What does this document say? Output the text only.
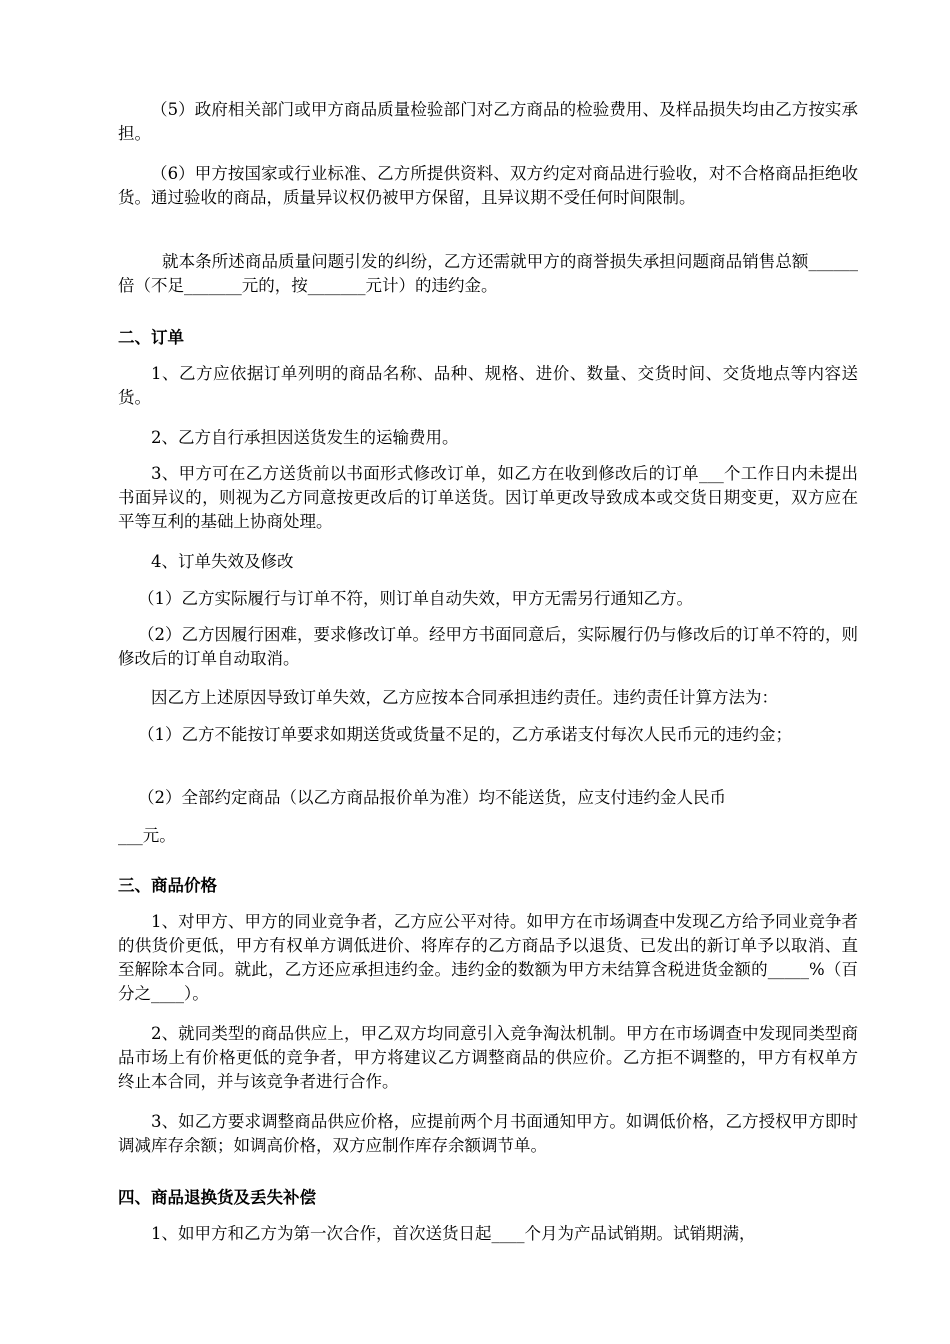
（5）政府相关部门或甲方商品质量检验部门对乙方商品的检验费用、及样品损失均由乙方按实承担。

（6）甲方按国家或行业标准、乙方所提供资料、双方约定对商品进行验收，对不合格商品拒绝收货。通过验收的商品，质量异议权仍被甲方保留，且异议期不受任何时间限制。

就本条所述商品质量问题引发的纠纷，乙方还需就甲方的商誉损失承担问题商品销售总额______倍（不足_______元的，按_______元计）的违约金。

二、订单

1、乙方应依据订单列明的商品名称、品种、规格、进价、数量、交货时间、交货地点等内容送货。

2、乙方自行承担因送货发生的运输费用。

3、甲方可在乙方送货前以书面形式修改订单，如乙方在收到修改后的订单___个工作日内未提出书面异议的，则视为乙方同意按更改后的订单送货。因订单更改导致成本或交货日期变更，双方应在平等互利的基础上协商处理。

4、订单失效及修改

（1）乙方实际履行与订单不符，则订单自动失效，甲方无需另行通知乙方。

（2）乙方因履行困难，要求修改订单。经甲方书面同意后，实际履行仍与修改后的订单不符的，则修改后的订单自动取消。

因乙方上述原因导致订单失效，乙方应按本合同承担违约责任。违约责任计算方法为：

（1）乙方不能按订单要求如期送货或货量不足的，乙方承诺支付每次人民币元的违约金；

（2）全部约定商品（以乙方商品报价单为准）均不能送货，应支付违约金人民币

___元。

三、商品价格

1、对甲方、甲方的同业竞争者，乙方应公平对待。如甲方在市场调查中发现乙方给予同业竞争者的供货价更低，甲方有权单方调低进价、将库存的乙方商品予以退货、已发出的新订单予以取消、直至解除本合同。就此，乙方还应承担违约金。违约金的数额为甲方未结算含税进货金额的_____%（百分之____）。

2、就同类型的商品供应上，甲乙双方均同意引入竞争淘汰机制。甲方在市场调查中发现同类型商品市场上有价格更低的竞争者，甲方将建议乙方调整商品的供应价。乙方拒不调整的，甲方有权单方终止本合同，并与该竞争者进行合作。

3、如乙方要求调整商品供应价格，应提前两个月书面通知甲方。如调低价格，乙方授权甲方即时调减库存余额；如调高价格，双方应制作库存余额调节单。

四、商品退换货及丢失补偿

1、如甲方和乙方为第一次合作，首次送货日起____个月为产品试销期。试销期满，
